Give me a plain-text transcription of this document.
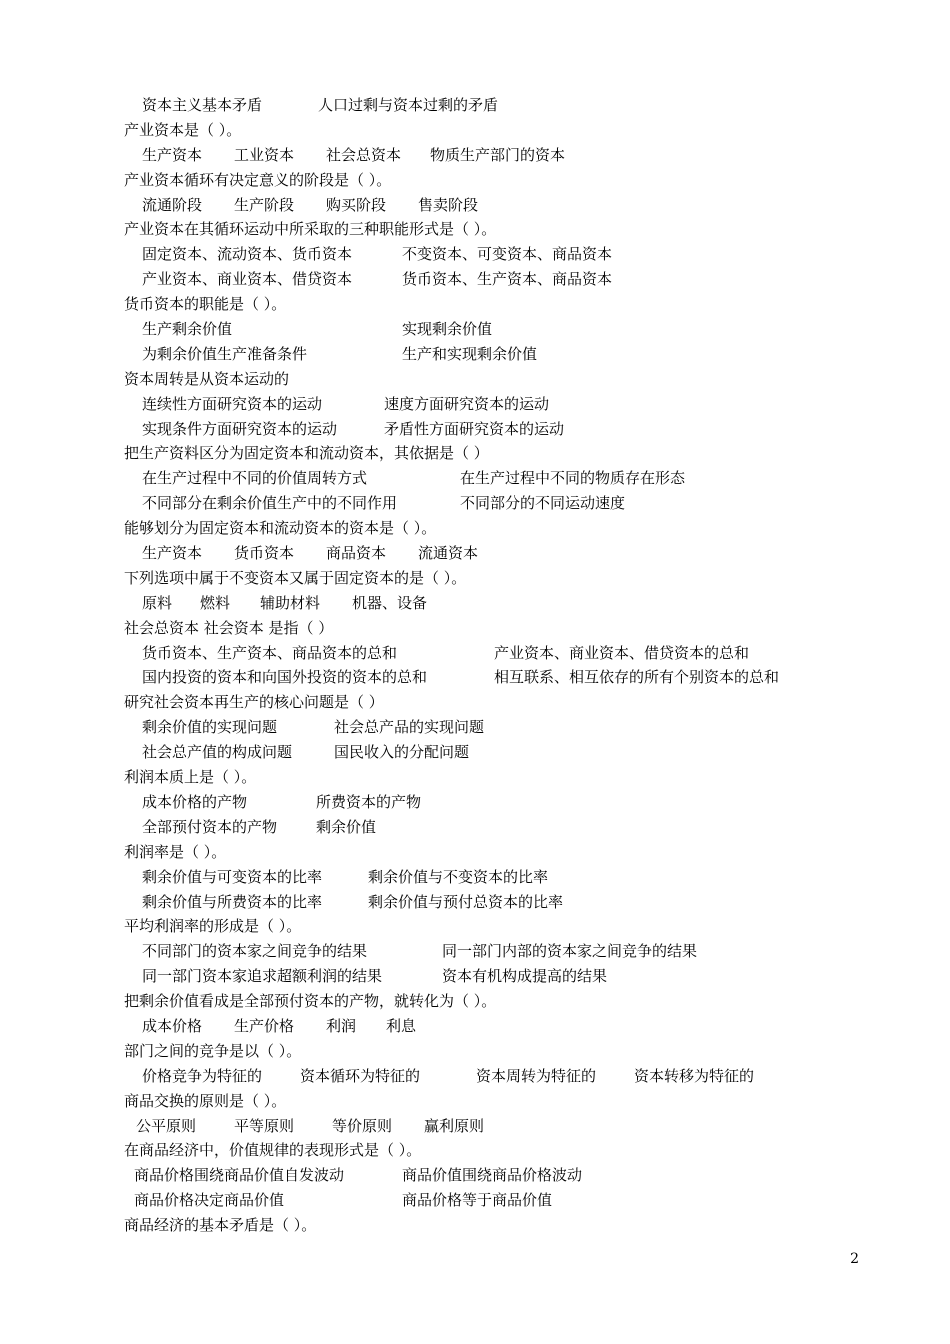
资本主义基本矛盾	人口过剩与资本过剩的矛盾
产业资本是（ ）。
生产资本 工业资本 社会总资本 物质生产部门的资本
产业资本循环有决定意义的阶段是（ ）。
流通阶段 生产阶段 购买阶段 售卖阶段
产业资本在其循环运动中所采取的三种职能形式是（ ）。
固定资本、流动资本、货币资本	不变资本、可变资本、商品资本
产业资本、商业资本、借贷资本	货币资本、生产资本、商品资本
货币资本的职能是（ ）。
生产剩余价值	实现剩余价值
为剩余价值生产准备条件	生产和实现剩余价值
资本周转是从资本运动的
连续性方面研究资本的运动	速度方面研究资本的运动
实现条件方面研究资本的运动	矛盾性方面研究资本的运动
把生产资料区分为固定资本和流动资本，其依据是（ ）
在生产过程中不同的价值周转方式	在生产过程中不同的物质存在形态
不同部分在剩余价值生产中的不同作用	不同部分的不同运动速度
能够划分为固定资本和流动资本的资本是（ ）。
生产资本 货币资本 商品资本 流通资本
下列选项中属于不变资本又属于固定资本的是（ ）。
原料 燃料 辅助材料 机器、设备
社会总资本 社会资本 是指（ ）
货币资本、生产资本、商品资本的总和	产业资本、商业资本、借贷资本的总和
国内投资的资本和向国外投资的资本的总和	相互联系、相互依存的所有个别资本的总和
研究社会资本再生产的核心问题是（ ）
剩余价值的实现问题	社会总产品的实现问题
社会总产值的构成问题	国民收入的分配问题
利润本质上是（ ）。
成本价格的产物	所费资本的产物
全部预付资本的产物	剩余价值
利润率是（ ）。
剩余价值与可变资本的比率	剩余价值与不变资本的比率
剩余价值与所费资本的比率	剩余价值与预付总资本的比率
平均利润率的形成是（ ）。
不同部门的资本家之间竞争的结果	同一部门内部的资本家之间竞争的结果
同一部门资本家追求超额利润的结果	资本有机构成提高的结果
把剩余价值看成是全部预付资本的产物，就转化为（ ）。
成本价格 生产价格 利润 利息
部门之间的竞争是以（ ）。
价格竞争为特征的	资本循环为特征的	资本周转为特征的	资本转移为特征的
商品交换的原则是（ ）。
公平原则	平等原则	等价原则 赢利原则
在商品经济中，价值规律的表现形式是（ ）。
商品价格围绕商品价值自发波动	商品价值围绕商品价格波动
商品价格决定商品价值	商品价格等于商品价值
商品经济的基本矛盾是（ ）。
2
